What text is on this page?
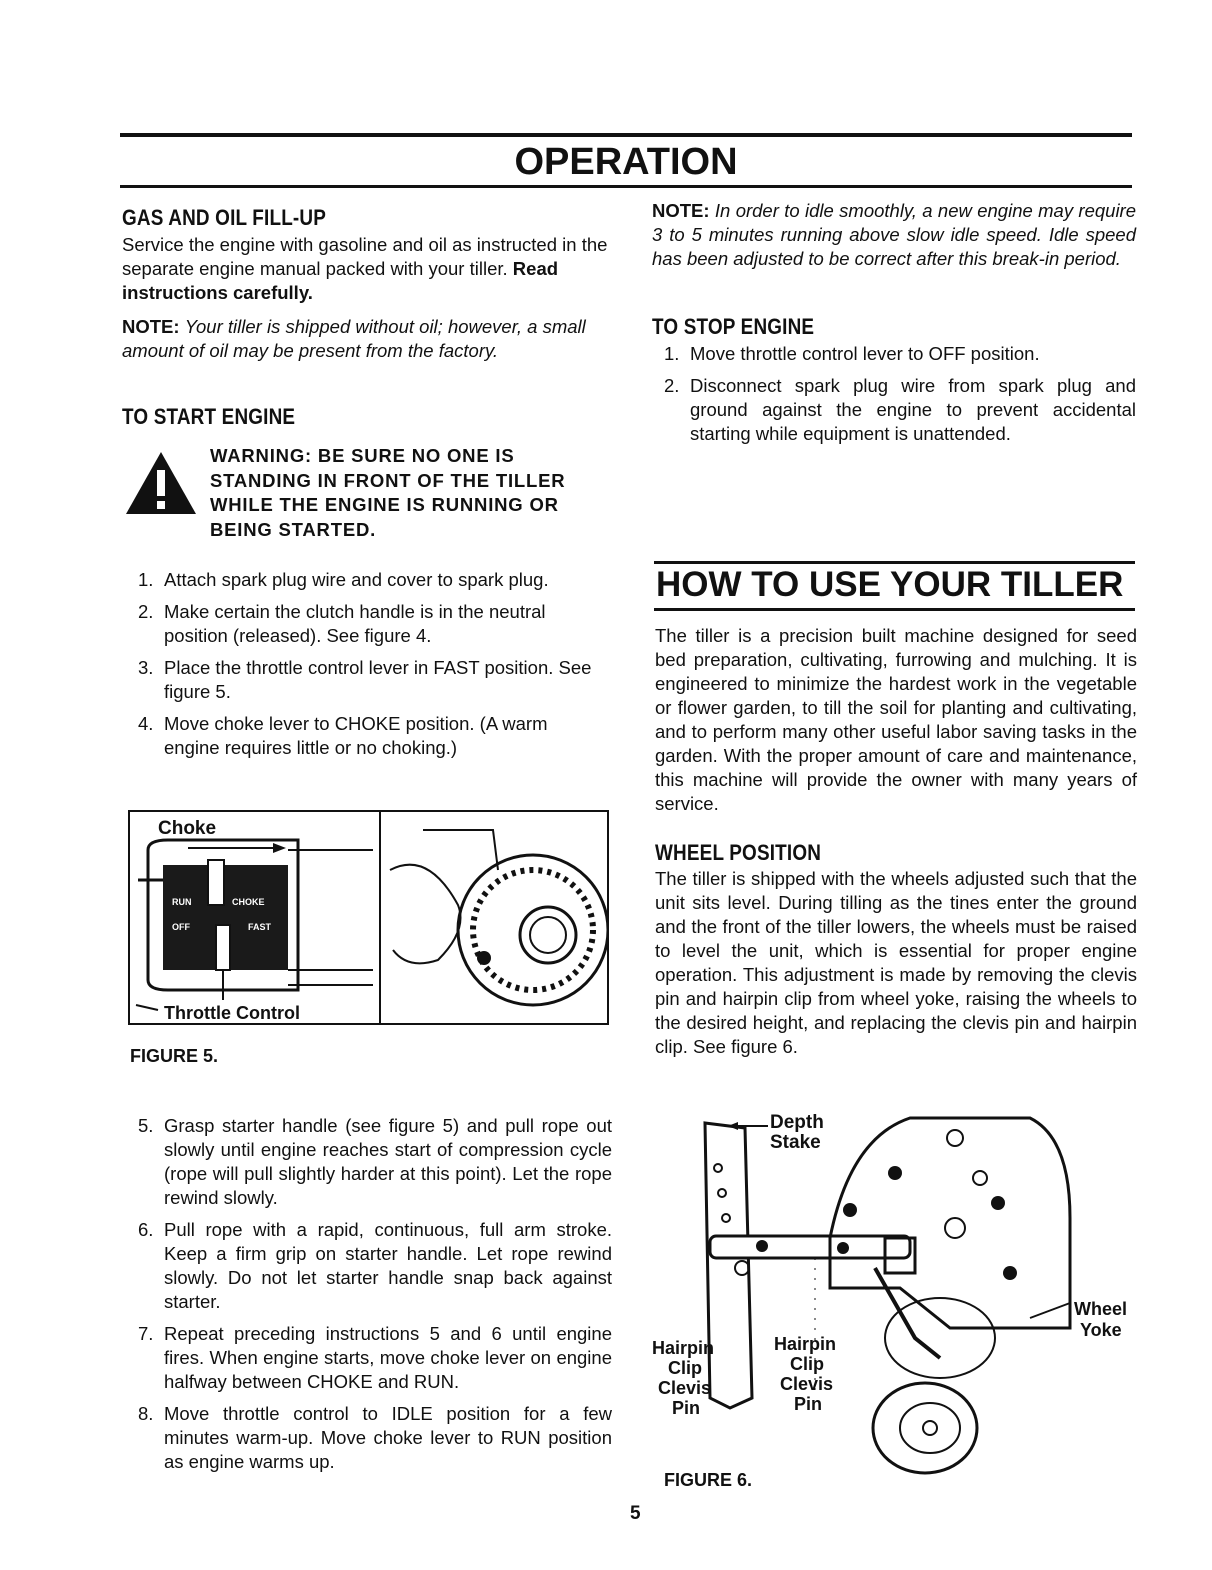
OPERATION
GAS AND OIL FILL-UP

Service the engine with gasoline and oil as instructed in the separate engine manual packed with your tiller. Read instructions carefully.

NOTE: Your tiller is shipped without oil; however, a small amount of oil may be present from the factory.

TO START ENGINE
WARNING: BE SURE NO ONE IS STANDING IN FRONT OF THE TILLER WHILE THE ENGINE IS RUNNING OR BEING STARTED.
1. Attach spark plug wire and cover to spark plug.
2. Make certain the clutch handle is in the neutral position (released). See figure 4.
3. Place the throttle control lever in FAST position. See figure 5.
4. Move choke lever to CHOKE position. (A warm engine requires little or no choking.)
Choke
Throttle Control
RUN	CHOKE
OFF	FAST
FIGURE 5.
5. Grasp starter handle (see figure 5) and pull rope out slowly until engine reaches start of compression cycle (rope will pull slightly harder at this point). Let the rope rewind slowly.
6. Pull rope with a rapid, continuous, full arm stroke. Keep a firm grip on starter handle. Let rope rewind slowly. Do not let starter handle snap back against starter.
7. Repeat preceding instructions 5 and 6 until engine fires. When engine starts, move choke lever on engine halfway between CHOKE and RUN.
8. Move throttle control to IDLE position for a few minutes warm-up. Move choke lever to RUN position as engine warms up.

NOTE: In order to idle smoothly, a new engine may require 3 to 5 minutes running above slow idle speed. Idle speed has been adjusted to be correct after this break-in period.

TO STOP ENGINE
1. Move throttle control lever to OFF position.
2. Disconnect spark plug wire from spark plug and ground against the engine to prevent accidental starting while equipment is unattended.
HOW TO USE YOUR TILLER

The tiller is a precision built machine designed for seed bed preparation, cultivating, furrowing and mulching. It is engineered to minimize the hardest work in the vegetable or flower garden, to till the soil for planting and cultivating, and to perform many other useful labor saving tasks in the garden. With the proper amount of care and maintenance, this machine will provide the owner with many years of service.

WHEEL POSITION

The tiller is shipped with the wheels adjusted such that the unit sits level. During tilling as the tines enter the ground and the front of the tiller lowers, the wheels must be raised to level the unit, which is essential for proper engine operation. This adjustment is made by removing the clevis pin and hairpin clip from wheel yoke, raising the wheels to the desired height, and replacing the clevis pin and hairpin clip. See figure 6.

Depth
Stake
Wheel
Yoke
Hairpin
Clip
Clevis
Pin
Hairpin
Clip
Clevis
Pin
FIGURE 6.
5
